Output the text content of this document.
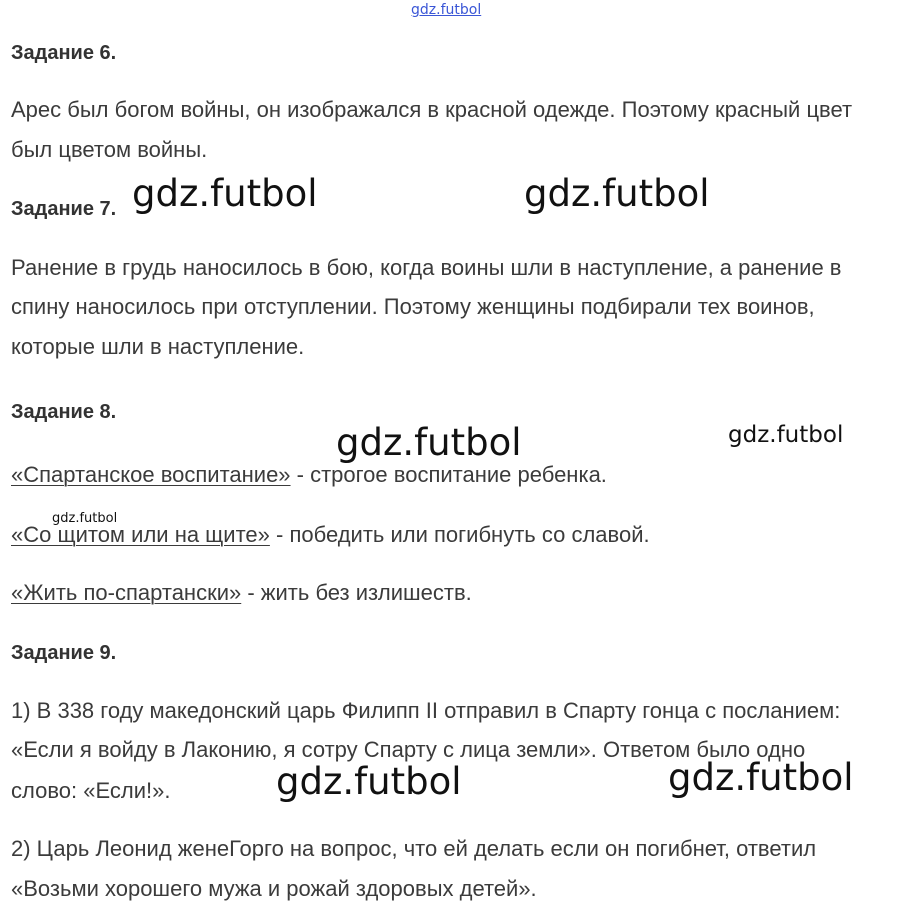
gdz.futbol
Задание 6.
Арес был богом войны, он изображался в красной одежде. Поэтому красный цвет
был цветом войны.
Задание 7. gdz.futbol	gdz.futbol
Ранение в грудь наносилось в бою, когда воины шли в наступление, а ранение в
спину наносилось при отступлении. Поэтому женщины подбирали тех воинов,
которые шли в наступление.
Задание 8.
gdz.futbol	gdz.futbol
«Спартанское воспитание» - строгое воспитание ребенка.
gdz.futbol
«Со щитом или на щите» - победить или погибнуть со славой.
«Жить по-спартански» - жить без излишеств.
Задание 9.
1) В 338 году македонский царь Филипп II отправил в Спарту гонца с посланием:
«Если я войду в Лаконию, я сотру Спарту с лица земли». Ответом было одно
слово: «Если!».	gdz.futbol	gdz.futbol
2) Царь Леонид женеГорго на вопрос, что ей делать если он погибнет, ответил
«Возьми хорошего мужа и рожай здоровых детей».
